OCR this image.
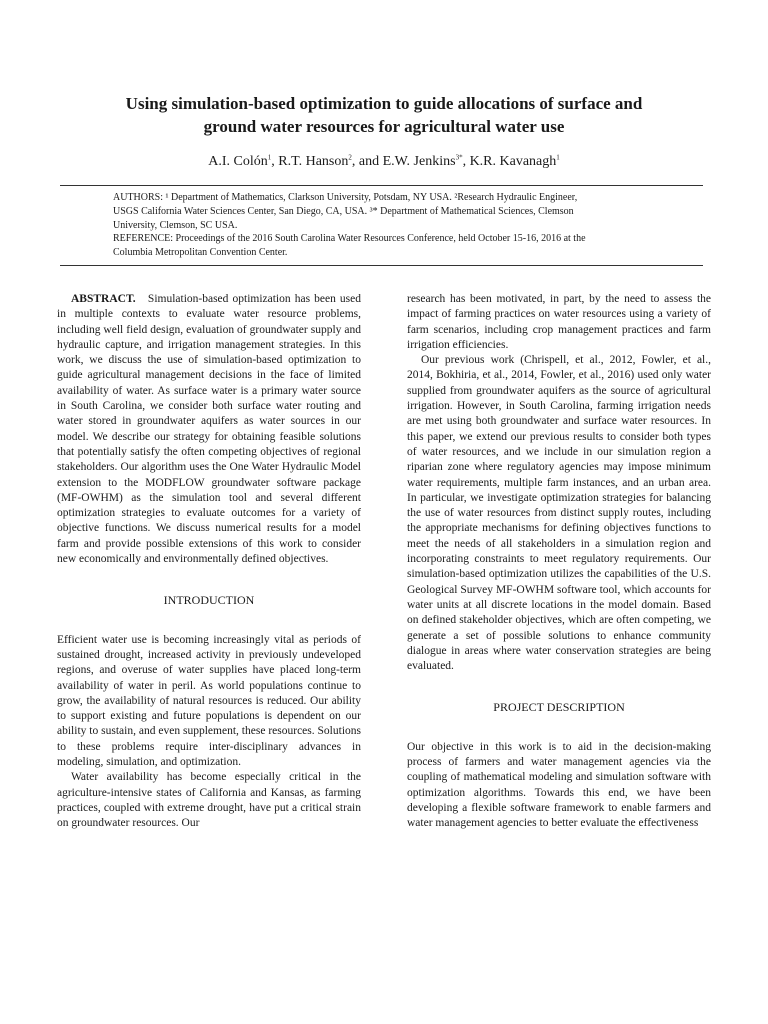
Using simulation-based optimization to guide allocations of surface and
ground water resources for agricultural water use
A.I. Colón$^1$, R.T. Hanson$^2$, and E.W. Jenkins$^{3*}$, K.R. Kavanagh$^1$
AUTHORS: ¹ Department of Mathematics, Clarkson University, Potsdam, NY USA. ²Research Hydraulic Engineer,
USGS California Water Sciences Center, San Diego, CA, USA. ³* Department of Mathematical Sciences, Clemson
University, Clemson, SC USA.
REFERENCE: Proceedings of the 2016 South Carolina Water Resources Conference, held October 15-16, 2016 at the
Columbia Metropolitan Convention Center.

ABSTRACT. Simulation-based optimization has been used in multiple contexts to evaluate water resource problems, including well field design, evaluation of groundwater supply and hydraulic capture, and irrigation management strategies. In this work, we discuss the use of simulation-based optimization to guide agricultural management decisions in the face of limited availability of water. As surface water is a primary water source in South Carolina, we consider both surface water routing and water stored in groundwater aquifers as water sources in our model. We describe our strategy for obtaining feasible solutions that potentially satisfy the often competing objectives of regional stakeholders. Our algorithm uses the One Water Hydraulic Model extension to the MODFLOW groundwater software package (MF-OWHM) as the simulation tool and several different optimization strategies to evaluate outcomes for a variety of objective functions. We discuss numerical results for a model farm and provide possible extensions of this work to consider new economically and environmentally defined objectives.

INTRODUCTION

Efficient water use is becoming increasingly vital as periods of sustained drought, increased activity in previously undeveloped regions, and overuse of water supplies have placed long-term availability of water in peril. As world populations continue to grow, the availability of natural resources is reduced. Our ability to support existing and future populations is dependent on our ability to sustain, and even supplement, these resources. Solutions to these problems require inter-disciplinary advances in modeling, simulation, and optimization.

Water availability has become especially critical in the agriculture-intensive states of California and Kansas, as farming practices, coupled with extreme drought, have put a critical strain on groundwater resources. Our

research has been motivated, in part, by the need to assess the impact of farming practices on water resources using a variety of farm scenarios, including crop management practices and farm irrigation efficiencies.

Our previous work (Chrispell, et al., 2012, Fowler, et al., 2014, Bokhiria, et al., 2014, Fowler, et al., 2016) used only water supplied from groundwater aquifers as the source of agricultural irrigation. However, in South Carolina, farming irrigation needs are met using both groundwater and surface water resources. In this paper, we extend our previous results to consider both types of water resources, and we include in our simulation region a riparian zone where regulatory agencies may impose minimum water requirements, multiple farm instances, and an urban area. In particular, we investigate optimization strategies for balancing the use of water resources from distinct supply routes, including the appropriate mechanisms for defining objectives functions to meet the needs of all stakeholders in a simulation region and incorporating constraints to meet regulatory requirements. Our simulation-based optimization utilizes the capabilities of the U.S. Geological Survey MF-OWHM software tool, which accounts for water units at all discrete locations in the model domain. Based on defined stakeholder objectives, which are often competing, we generate a set of possible solutions to enhance community dialogue in areas where water conservation strategies are being evaluated.

PROJECT DESCRIPTION

Our objective in this work is to aid in the decision-making process of farmers and water management agencies via the coupling of mathematical modeling and simulation software with optimization algorithms. Towards this end, we have been developing a flexible software framework to enable farmers and water management agencies to better evaluate the effectiveness
